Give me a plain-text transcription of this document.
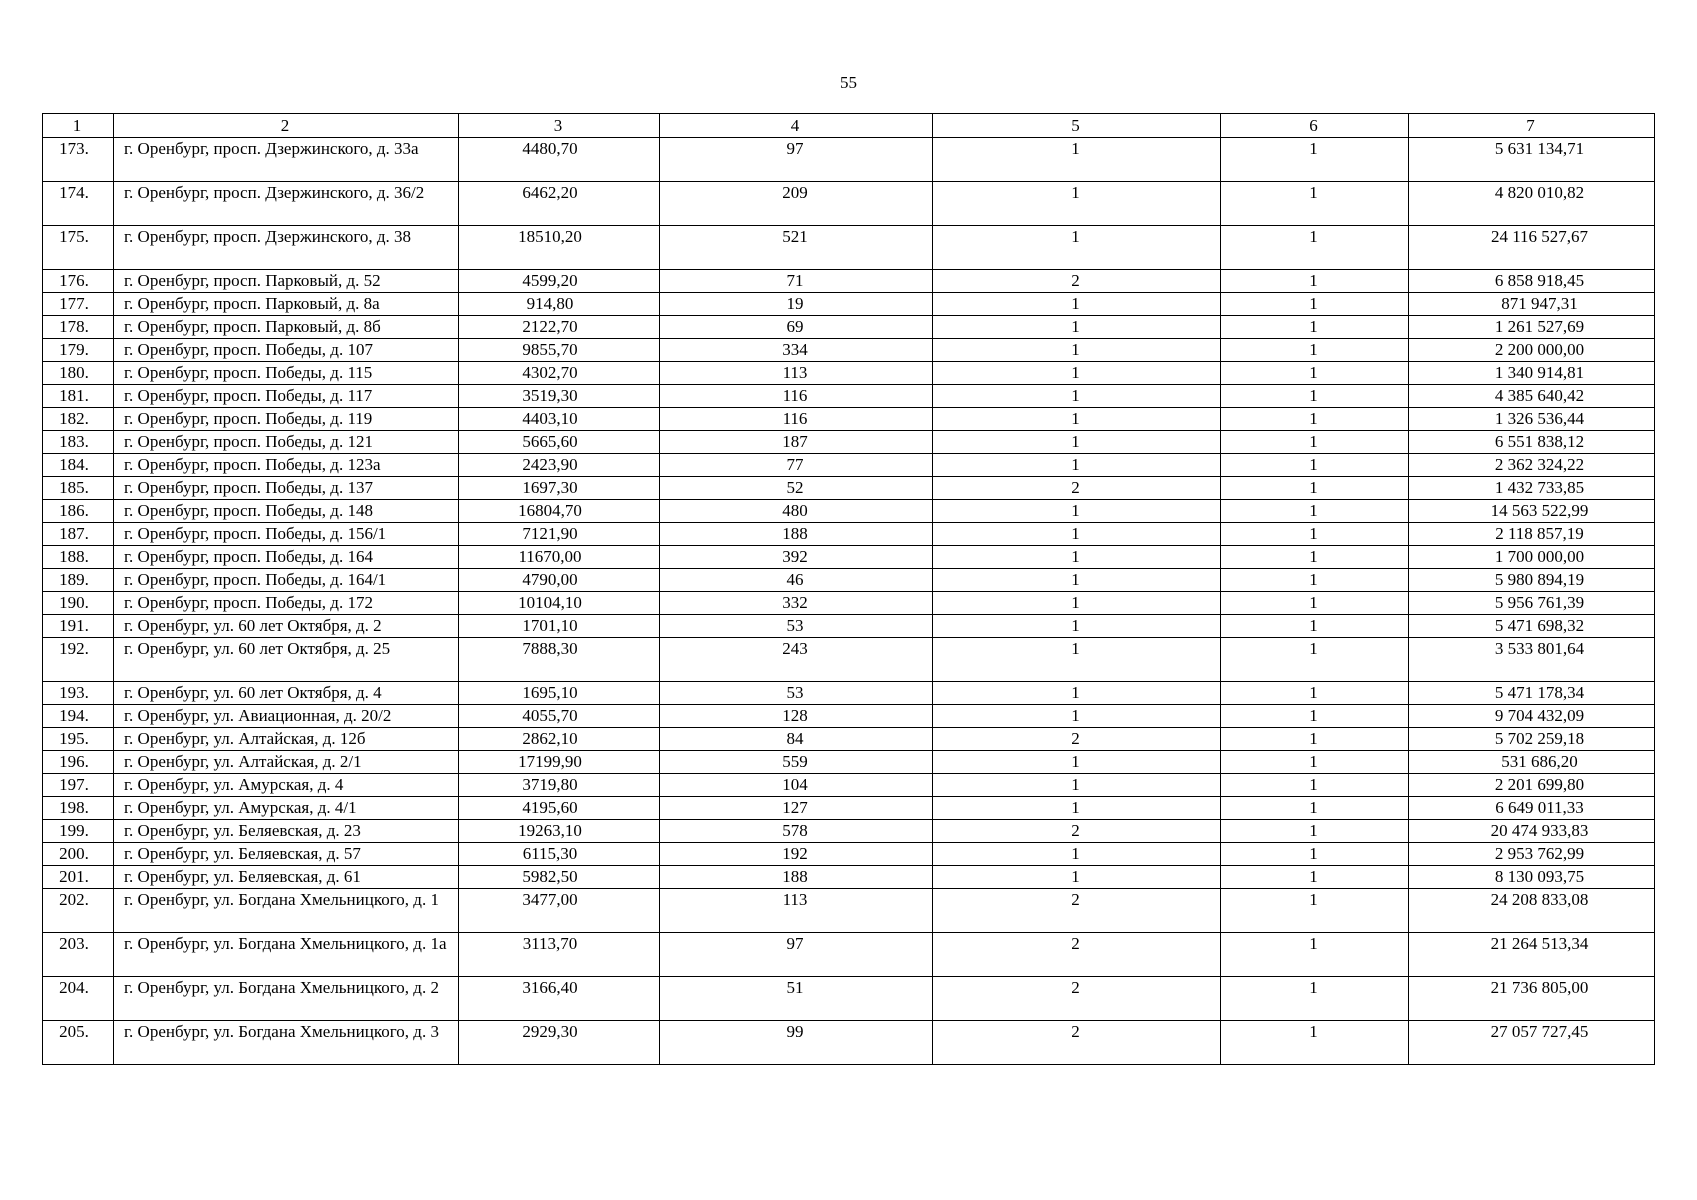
55
1	2	3	4	5	6	7
173.	г. Оренбург, просп. Дзержинского, д. 33а	4480,70	97	1	1	5 631 134,71
174.	г. Оренбург, просп. Дзержинского, д. 36/2	6462,20	209	1	1	4 820 010,82
175.	г. Оренбург, просп. Дзержинского, д. 38	18510,20	521	1	1	24 116 527,67
176.	г. Оренбург, просп. Парковый, д. 52	4599,20	71	2	1	6 858 918,45
177.	г. Оренбург, просп. Парковый, д. 8а	914,80	19	1	1	871 947,31
178.	г. Оренбург, просп. Парковый, д. 8б	2122,70	69	1	1	1 261 527,69
179.	г. Оренбург, просп. Победы, д. 107	9855,70	334	1	1	2 200 000,00
180.	г. Оренбург, просп. Победы, д. 115	4302,70	113	1	1	1 340 914,81
181.	г. Оренбург, просп. Победы, д. 117	3519,30	116	1	1	4 385 640,42
182.	г. Оренбург, просп. Победы, д. 119	4403,10	116	1	1	1 326 536,44
183.	г. Оренбург, просп. Победы, д. 121	5665,60	187	1	1	6 551 838,12
184.	г. Оренбург, просп. Победы, д. 123а	2423,90	77	1	1	2 362 324,22
185.	г. Оренбург, просп. Победы, д. 137	1697,30	52	2	1	1 432 733,85
186.	г. Оренбург, просп. Победы, д. 148	16804,70	480	1	1	14 563 522,99
187.	г. Оренбург, просп. Победы, д. 156/1	7121,90	188	1	1	2 118 857,19
188.	г. Оренбург, просп. Победы, д. 164	11670,00	392	1	1	1 700 000,00
189.	г. Оренбург, просп. Победы, д. 164/1	4790,00	46	1	1	5 980 894,19
190.	г. Оренбург, просп. Победы, д. 172	10104,10	332	1	1	5 956 761,39
191.	г. Оренбург, ул. 60 лет Октября, д. 2	1701,10	53	1	1	5 471 698,32
192.	г. Оренбург, ул. 60 лет Октября, д. 25	7888,30	243	1	1	3 533 801,64
193.	г. Оренбург, ул. 60 лет Октября, д. 4	1695,10	53	1	1	5 471 178,34
194.	г. Оренбург, ул. Авиационная, д. 20/2	4055,70	128	1	1	9 704 432,09
195.	г. Оренбург, ул. Алтайская, д. 12б	2862,10	84	2	1	5 702 259,18
196.	г. Оренбург, ул. Алтайская, д. 2/1	17199,90	559	1	1	531 686,20
197.	г. Оренбург, ул. Амурская, д. 4	3719,80	104	1	1	2 201 699,80
198.	г. Оренбург, ул. Амурская, д. 4/1	4195,60	127	1	1	6 649 011,33
199.	г. Оренбург, ул. Беляевская, д. 23	19263,10	578	2	1	20 474 933,83
200.	г. Оренбург, ул. Беляевская, д. 57	6115,30	192	1	1	2 953 762,99
201.	г. Оренбург, ул. Беляевская, д. 61	5982,50	188	1	1	8 130 093,75
202.	г. Оренбург, ул. Богдана Хмельницкого, д. 1	3477,00	113	2	1	24 208 833,08
203.	г. Оренбург, ул. Богдана Хмельницкого, д. 1а	3113,70	97	2	1	21 264 513,34
204.	г. Оренбург, ул. Богдана Хмельницкого, д. 2	3166,40	51	2	1	21 736 805,00
205.	г. Оренбург, ул. Богдана Хмельницкого, д. 3	2929,30	99	2	1	27 057 727,45
